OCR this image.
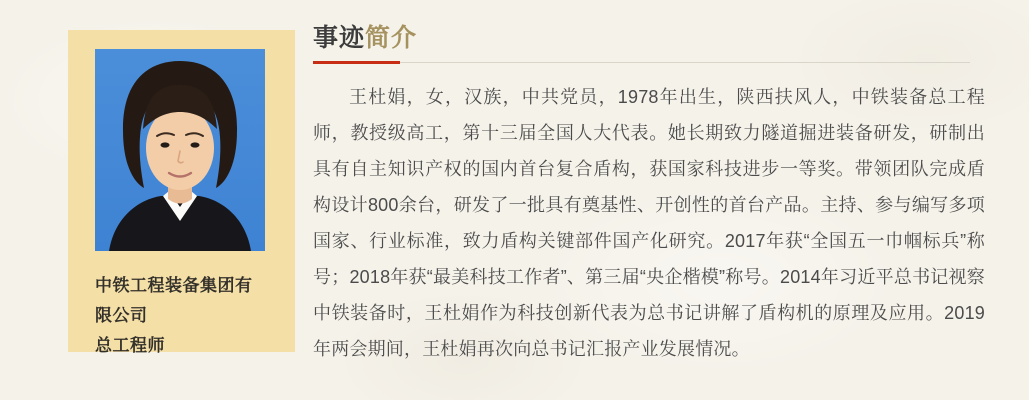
中铁工程装备集团有限公司
总工程师
事迹简介

王杜娟，女，汉族，中共党员，1978年出生，陕西扶风人，中铁装备总工程师，教授级高工，第十三届全国人大代表。她长期致力隧道掘进装备研发，研制出具有自主知识产权的国内首台复合盾构，获国家科技进步一等奖。带领团队完成盾构设计800余台，研发了一批具有奠基性、开创性的首台产品。主持、参与编写多项国家、行业标准，致力盾构关键部件国产化研究。2017年获“全国五一巾帼标兵”称号；2018年获“最美科技工作者”、第三届“央企楷模”称号。2014年习近平总书记视察中铁装备时，王杜娟作为科技创新代表为总书记讲解了盾构机的原理及应用。2019年两会期间，王杜娟再次向总书记汇报产业发展情况。
